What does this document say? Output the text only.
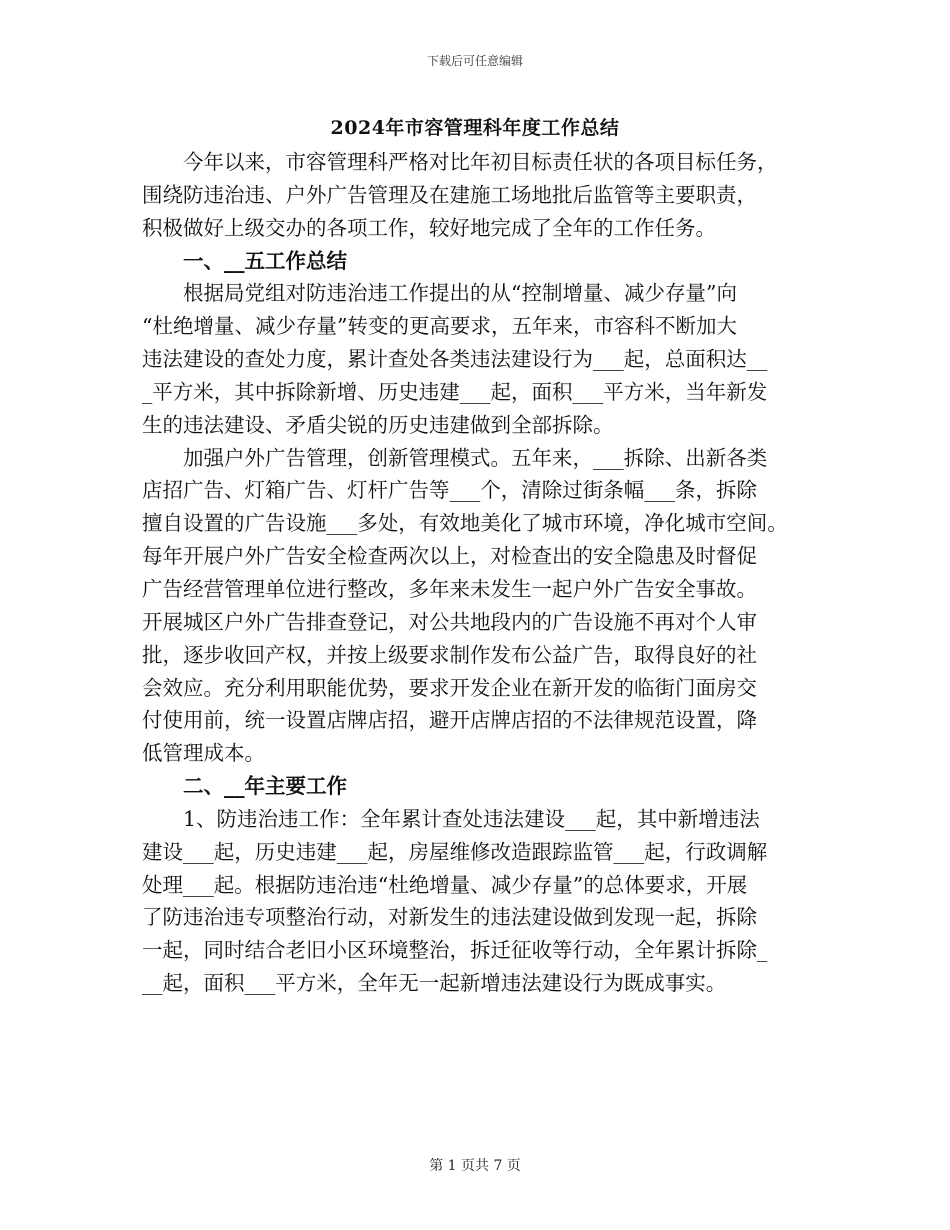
下载后可任意编辑
2024年市容管理科年度工作总结
今年以来，市容管理科严格对比年初目标责任状的各项目标任务，
围绕防违治违、户外广告管理及在建施工场地批后监管等主要职责，
积极做好上级交办的各项工作，较好地完成了全年的工作任务。
一、__五工作总结
根据局党组对防违治违工作提出的从“控制增量、减少存量”向
“杜绝增量、减少存量”转变的更高要求，五年来，市容科不断加大
违法建设的查处力度，累计查处各类违法建设行为___起，总面积达__
_平方米，其中拆除新增、历史违建___起，面积___平方米，当年新发
生的违法建设、矛盾尖锐的历史违建做到全部拆除。
加强户外广告管理，创新管理模式。五年来，___拆除、出新各类
店招广告、灯箱广告、灯杆广告等___个，清除过街条幅___条，拆除
擅自设置的广告设施___多处，有效地美化了城市环境，净化城市空间。
每年开展户外广告安全检查两次以上，对检查出的安全隐患及时督促
广告经营管理单位进行整改，多年来未发生一起户外广告安全事故。
开展城区户外广告排查登记，对公共地段内的广告设施不再对个人审
批，逐步收回产权，并按上级要求制作发布公益广告，取得良好的社
会效应。充分利用职能优势，要求开发企业在新开发的临街门面房交
付使用前，统一设置店牌店招，避开店牌店招的不法律规范设置，降
低管理成本。
二、__年主要工作
1、防违治违工作：全年累计查处违法建设___起，其中新增违法
建设___起，历史违建___起，房屋维修改造跟踪监管___起，行政调解
处理___起。根据防违治违“杜绝增量、减少存量”的总体要求，开展
了防违治违专项整治行动，对新发生的违法建设做到发现一起，拆除
一起，同时结合老旧小区环境整治，拆迁征收等行动，全年累计拆除_
__起，面积___平方米，全年无一起新增违法建设行为既成事实。
第 1 页共 7 页
